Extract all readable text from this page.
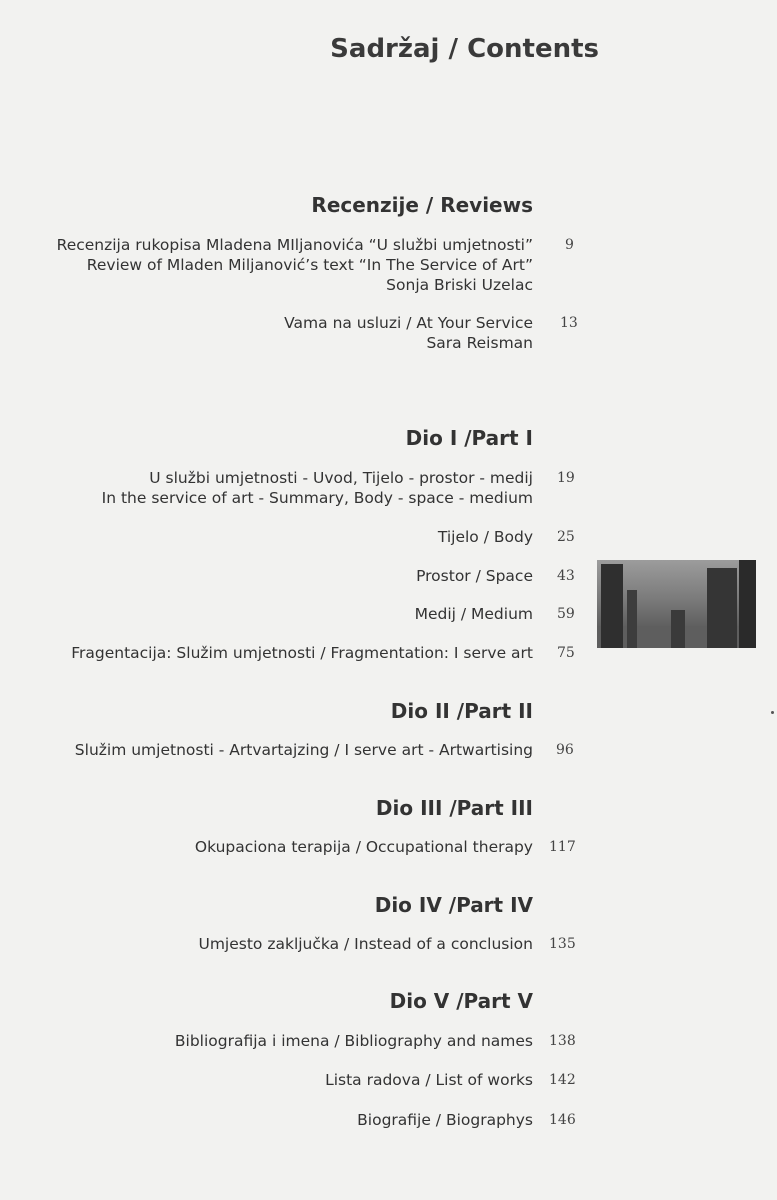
Sadržaj / Contents
Recenzije / Reviews
Recenzija rukopisa Mladena MIljanovića “U službi umjetnosti”
Review of Mladen Miljanović’s text “In The Service of Art”
Sonja Briski Uzelac
9
Vama na usluzi / At Your Service
Sara Reisman
13
Dio I /Part I
U službi umjetnosti - Uvod, Tijelo - prostor - medij
In the service of art - Summary, Body - space - medium
19
Tijelo / Body 25
Prostor / Space 43
Medij / Medium 59
Fragentacija: Služim umjetnosti / Fragmentation: I serve art 75
Dio II /Part II
Služim umjetnosti - Artvartajzing / I serve art - Artwartising 96
Dio III /Part III
Okupaciona terapija / Occupational therapy 117
Dio IV /Part IV
Umjesto zaključka / Instead of a conclusion 135
Dio V /Part V
Bibliografija i imena / Bibliography and names 138
Lista radova / List of works 142
Biografije / Biographys 146
